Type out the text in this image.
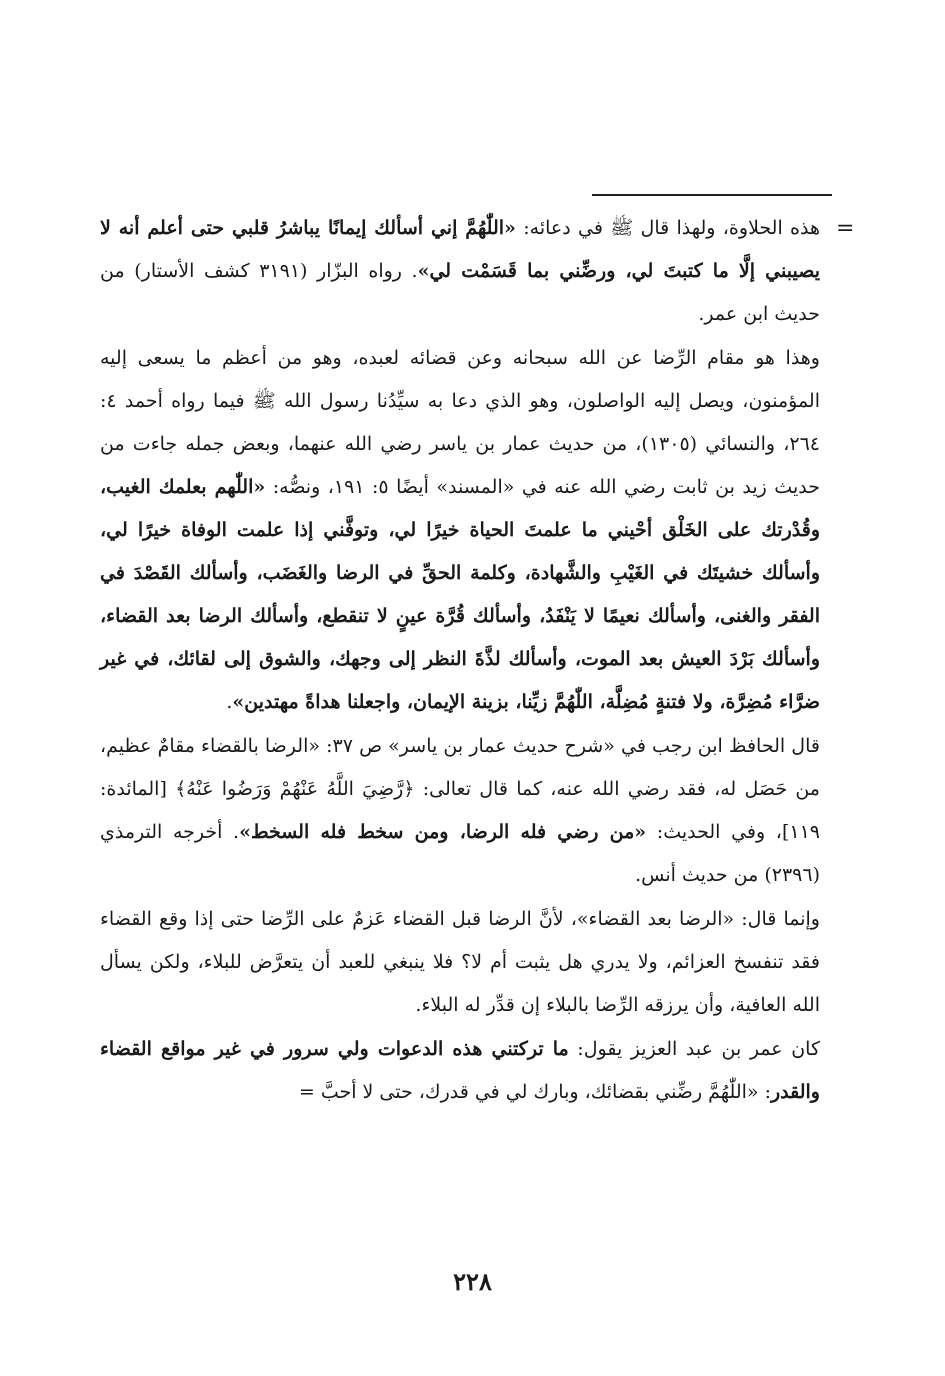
=

هذه الحلاوة، ولهذا قال ﷺ في دعائه: «اللّٰهُمَّ إني أسألك إيمانًا يباشرُ قلبي حتى أعلم أنه لا يصيبني إلَّا ما كتبتَ لي، ورضِّني بما قَسَمْت لي». رواه البزّار (٣١٩١ كشف الأستار) من حديث ابن عمر.

وهذا هو مقام الرِّضا عن الله سبحانه وعن قضائه لعبده، وهو من أعظم ما يسعى إليه المؤمنون، ويصل إليه الواصلون، وهو الذي دعا به سيِّدُنا رسول الله ﷺ فيما رواه أحمد ٤: ٢٦٤، والنسائي (١٣٠٥)، من حديث عمار بن ياسر رضي الله عنهما، وبعض جمله جاءت من حديث زيد بن ثابت رضي الله عنه في «المسند» أيضًا ٥: ١٩١، ونصُّه: «اللّٰهم بعلمك الغيب، وقُدْرتك على الخَلْق أحْيني ما علمتَ الحياة خيرًا لي، وتوفَّني إذا علمت الوفاة خيرًا لي، وأسألك خشيتَك في الغَيْبِ والشَّهادة، وكلمة الحقِّ في الرضا والغَضَب، وأسألك القَصْدَ في الفقر والغنى، وأسألك نعيمًا لا يَنْفَدُ، وأسألك قُرَّة عينٍ لا تنقطع، وأسألك الرضا بعد القضاء، وأسألك بَرْدَ العيش بعد الموت، وأسألك لذَّةَ النظر إلى وجهك، والشوق إلى لقائك، في غير ضرَّاء مُضِرَّة، ولا فتنةٍ مُضِلَّة، اللّٰهُمَّ زيِّنا، بزينة الإيمان، واجعلنا هداةً مهتدين».

قال الحافظ ابن رجب في «شرح حديث عمار بن ياسر» ص ٣٧: «الرضا بالقضاء مقامٌ عظيم، من حَصَل له، فقد رضي الله عنه، كما قال تعالى: ﴿رَّضِيَ اللَّهُ عَنْهُمْ وَرَضُوا عَنْهُ﴾ [المائدة: ١١٩]، وفي الحديث: «من رضي فله الرضا، ومن سخط فله السخط». أخرجه الترمذي (٢٣٩٦) من حديث أنس.

وإنما قال: «الرضا بعد القضاء»، لأنَّ الرضا قبل القضاء عَزمٌ على الرِّضا حتى إذا وقع القضاء فقد تنفسخ العزائم، ولا يدري هل يثبت أم لا؟ فلا ينبغي للعبد أن يتعرَّض للبلاء، ولكن يسأل الله العافية، وأن يرزقه الرِّضا بالبلاء إن قدِّر له البلاء.

كان عمر بن عبد العزيز يقول: ما تركتني هذه الدعوات ولي سرور في غير مواقع القضاء والقدر: «اللّٰهُمَّ رضِّني بقضائك، وبارك لي في قدرك، حتى لا أحبَّ =

٢٢٨
